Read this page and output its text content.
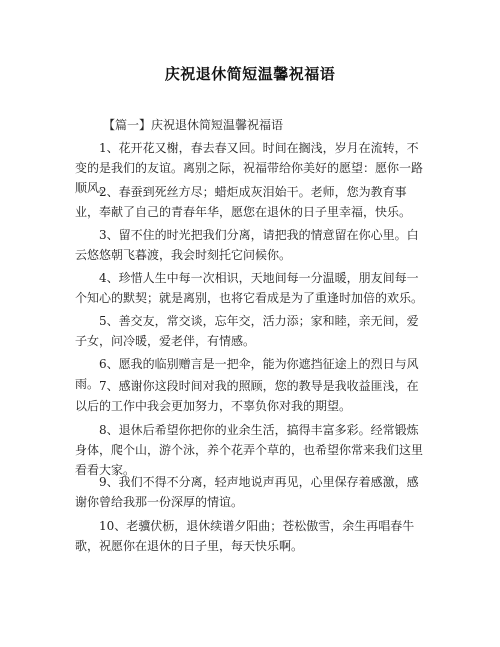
庆祝退休简短温馨祝福语
【篇一】庆祝退休简短温馨祝福语

1、花开花又榭，春去春又回。时间在搁浅，岁月在流转，不变的是我们的友谊。离别之际，祝福带给你美好的愿望：愿你一路顺风。

2、春蚕到死丝方尽；蜡炬成灰泪始干。老师，您为教育事业，奉献了自己的青春年华，愿您在退休的日子里幸福，快乐。

3、留不住的时光把我们分离，请把我的情意留在你心里。白云悠悠朝飞暮渡，我会时刻托它问候你。

4、珍惜人生中每一次相识，天地间每一分温暖，朋友间每一个知心的默契；就是离别，也将它看成是为了重逢时加倍的欢乐。

5、善交友，常交谈，忘年交，活力添；家和睦，亲无间，爱子女，问冷暖，爱老伴，有情感。

6、愿我的临别赠言是一把伞，能为你遮挡征途上的烈日与风雨。 7、感谢你这段时间对我的照顾，您的教导是我收益匪浅，在以后的工作中我会更加努力，不辜负你对我的期望。

8、退休后希望你把你的业余生活，搞得丰富多彩。经常锻炼身体，爬个山，游个泳，养个花弄个草的，也希望你常来我们这里看看大家。

9、我们不得不分离，轻声地说声再见，心里保存着感激，感谢你曾给我那一份深厚的情谊。

10、老骥伏枥，退休续谱夕阳曲；苍松傲雪，余生再唱春牛歌，祝愿你在退休的日子里，每天快乐啊。
